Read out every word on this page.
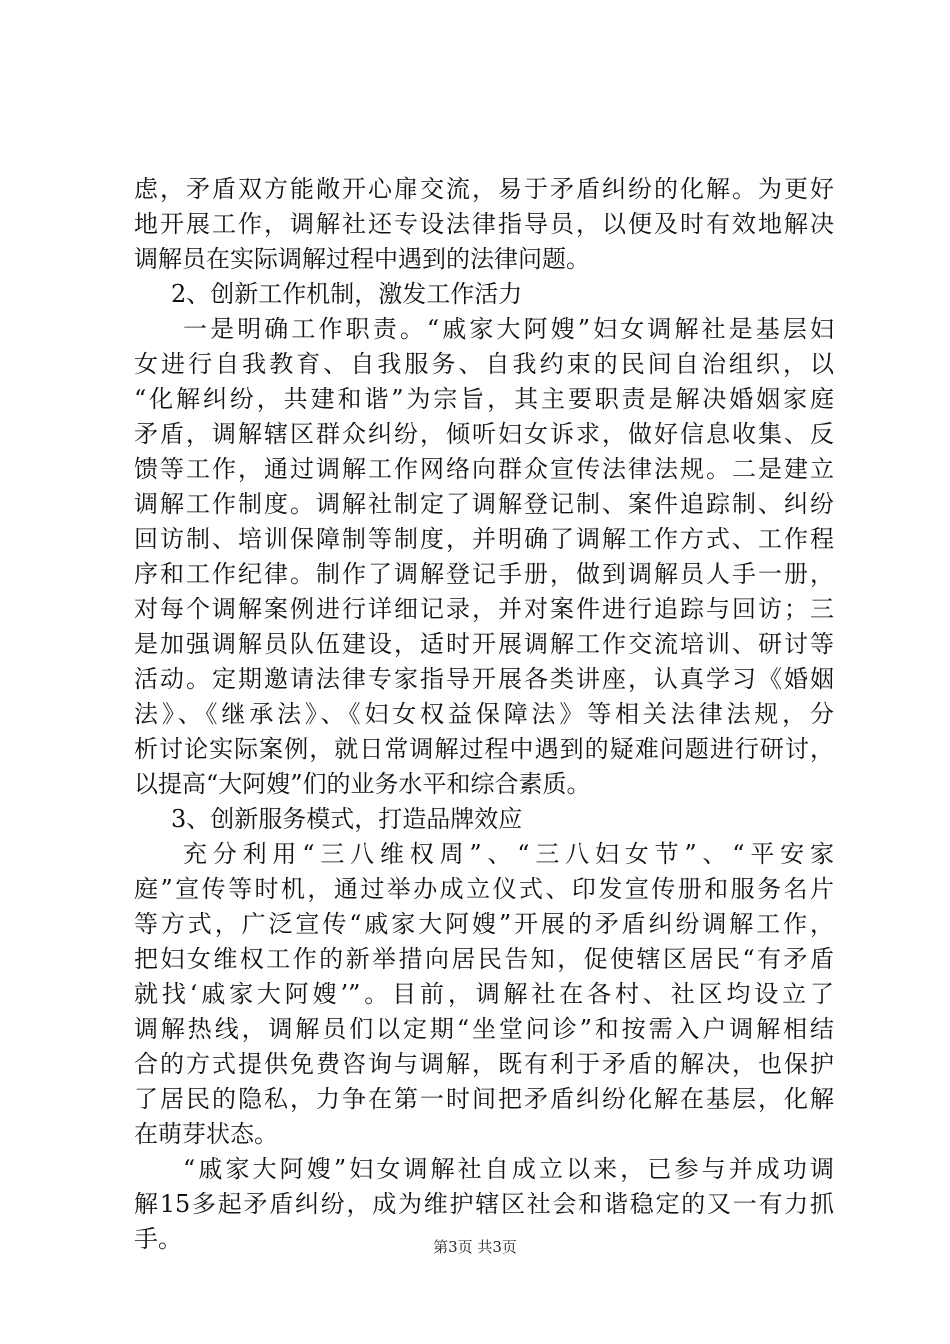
虑，矛盾双方能敞开心扉交流，易于矛盾纠纷的化解。为更好
地开展工作，调解社还专设法律指导员，以便及时有效地解决
调解员在实际调解过程中遇到的法律问题。
2、创新工作机制，激发工作活力
一是明确工作职责。“戚家大阿嫂”妇女调解社是基层妇
女进行自我教育、自我服务、自我约束的民间自治组织，以
“化解纠纷，共建和谐”为宗旨，其主要职责是解决婚姻家庭
矛盾，调解辖区群众纠纷，倾听妇女诉求，做好信息收集、反
馈等工作，通过调解工作网络向群众宣传法律法规。二是建立
调解工作制度。调解社制定了调解登记制、案件追踪制、纠纷
回访制、培训保障制等制度，并明确了调解工作方式、工作程
序和工作纪律。制作了调解登记手册，做到调解员人手一册，
对每个调解案例进行详细记录，并对案件进行追踪与回访；三
是加强调解员队伍建设，适时开展调解工作交流培训、研讨等
活动。定期邀请法律专家指导开展各类讲座，认真学习《婚姻
法》、《继承法》、《妇女权益保障法》等相关法律法规，分
析讨论实际案例，就日常调解过程中遇到的疑难问题进行研讨，
以提高“大阿嫂”们的业务水平和综合素质。
3、创新服务模式，打造品牌效应
充分利用“三八维权周”、“三八妇女节”、“平安家
庭”宣传等时机，通过举办成立仪式、印发宣传册和服务名片
等方式，广泛宣传“戚家大阿嫂”开展的矛盾纠纷调解工作，
把妇女维权工作的新举措向居民告知，促使辖区居民“有矛盾
就找‘戚家大阿嫂’”。目前，调解社在各村、社区均设立了
调解热线，调解员们以定期“坐堂问诊”和按需入户调解相结
合的方式提供免费咨询与调解，既有利于矛盾的解决，也保护
了居民的隐私，力争在第一时间把矛盾纠纷化解在基层，化解
在萌芽状态。
“戚家大阿嫂”妇女调解社自成立以来，已参与并成功调
解15多起矛盾纠纷，成为维护辖区社会和谐稳定的又一有力抓
手。	第3页 共3页
